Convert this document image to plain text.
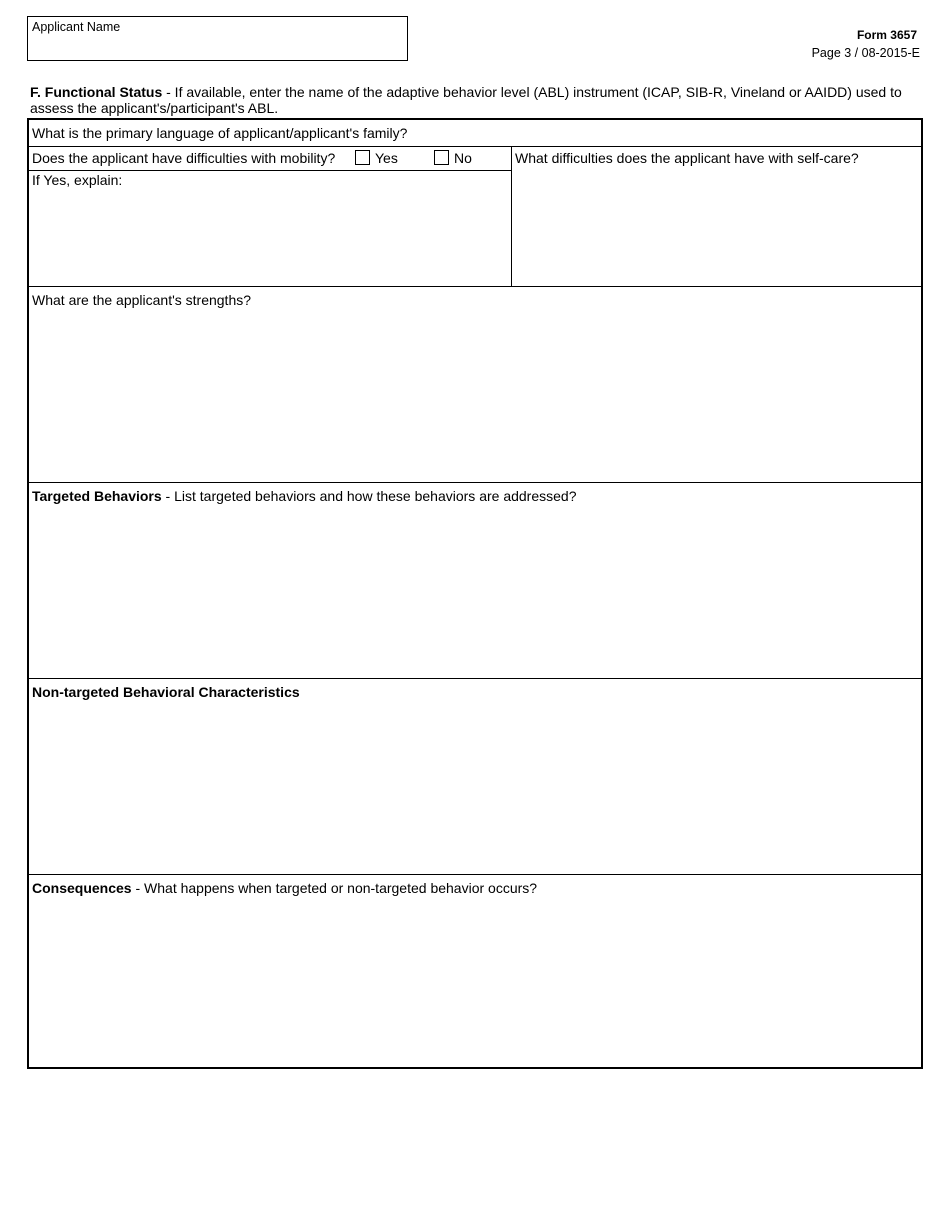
Applicant Name
Form 3657
Page 3 / 08-2015-E
F. Functional Status - If available, enter the name of the adaptive behavior level (ABL) instrument (ICAP, SIB-R, Vineland or AAIDD) used to assess the applicant's/participant's ABL.
What is the primary language of applicant/applicant's family?
Does the applicant have difficulties with mobility?	Yes	No
If Yes, explain:
What difficulties does the applicant have with self-care?
What are the applicant's strengths?
Targeted Behaviors - List targeted behaviors and how these behaviors are addressed?
Non-targeted Behavioral Characteristics
Consequences - What happens when targeted or non-targeted behavior occurs?
